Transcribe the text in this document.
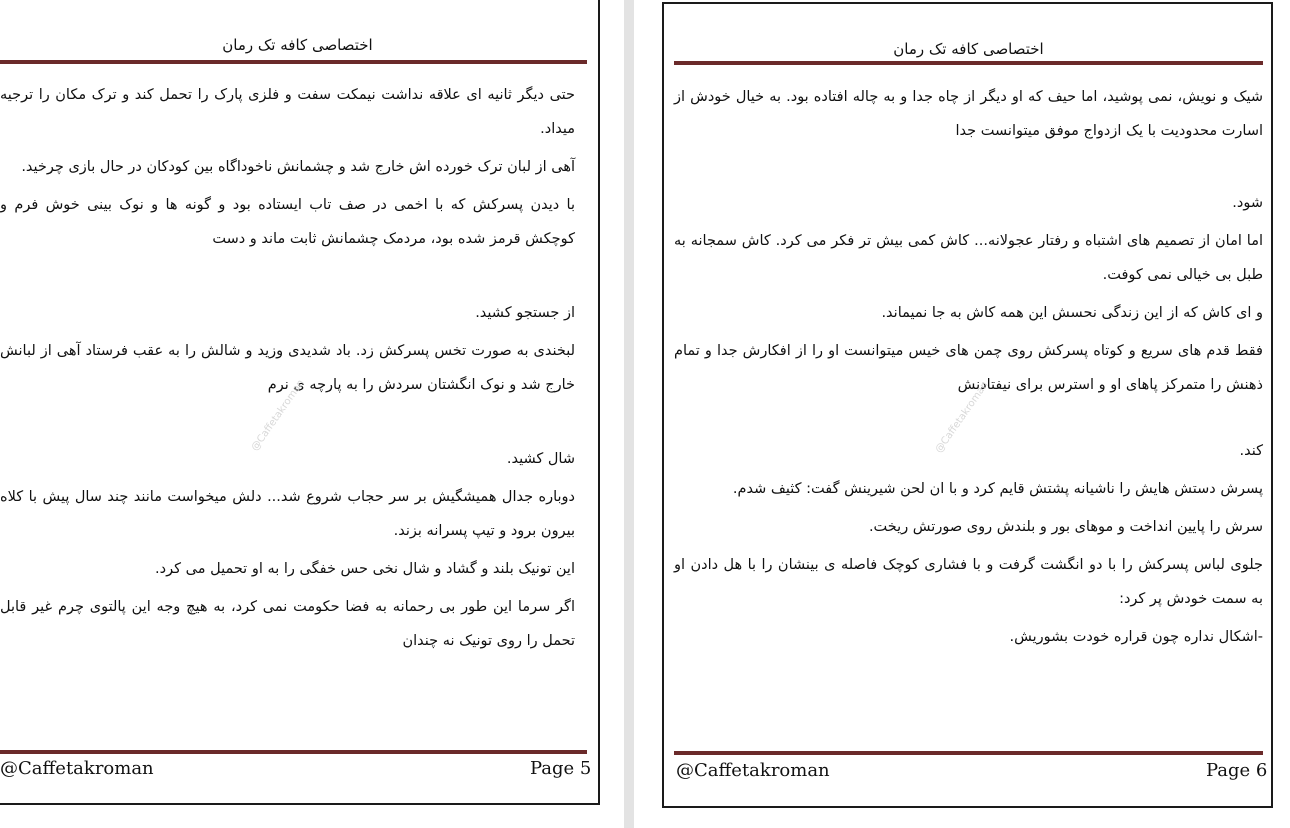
اختصاصی کافه تک رمان

حتی دیگر ثانیه ای علاقه نداشت نیمکت سفت و فلزی پارک را تحمل کند و ترک مکان را ترجیه میداد.

آهی از لبان ترک خورده اش خارج شد و چشمانش ناخوداگاه بین کودکان در حال بازی چرخید.

با دیدن پسرکش که با اخمی در صف تاب ایستاده بود و گونه ها و نوک بینی خوش فرم و کوچکش قرمز شده بود، مردمک چشمانش ثابت ماند و دست

از جستجو کشید.

لبخندی به صورت تخس پسرکش زد. باد شدیدی وزید و شالش را به عقب فرستاد آهی از لبانش خارج شد و نوک انگشتان سردش را به پارچه ی نرم

شال کشید.

دوباره جدال همیشگیش بر سر حجاب شروع شد... دلش میخواست مانند چند سال پیش با کلاه بیرون برود و تیپ پسرانه بزند.

این تونیک بلند و گشاد و شال نخی حس خفگی را به او تحمیل می کرد.

اگر سرما این طور بی رحمانه به فضا حکومت نمی کرد، به هیچ وجه این پالتوی چرم غیر قابل تحمل را روی تونیک نه چندان

@Caffetakroman
@Caffetakroman	Page 5
اختصاصی کافه تک رمان

شیک و نویش، نمی پوشید، اما حیف که او دیگر از چاه جدا و به چاله افتاده بود. به خیال خودش از اسارت محدودیت با یک ازدواج موفق میتوانست جدا

شود.

اما امان از تصمیم های اشتباه و رفتار عجولانه... کاش کمی بیش تر فکر می کرد. کاش سمجانه به طبل بی خیالی نمی کوفت.

و ای کاش که از این زندگی نحسش این همه کاش به جا نمیماند.

فقط قدم های سریع و کوتاه پسرکش روی چمن های خیس میتوانست او را از افکارش جدا و تمام ذهنش را متمرکز پاهای او و استرس برای نیفتادنش

کند.

پسرش دستش هایش را ناشیانه پشتش قایم کرد و با ان لحن شیرینش گفت: کثیف شدم.

سرش را پایین انداخت و موهای بور و بلندش روی صورتش ریخت.

جلوی لباس پسرکش را با دو انگشت گرفت و با فشاری کوچک فاصله ی بینشان را با هل دادن او به سمت خودش پر کرد:

-اشکال نداره چون قراره خودت بشوریش.

@Caffetakroman
@Caffetakroman	Page 6
